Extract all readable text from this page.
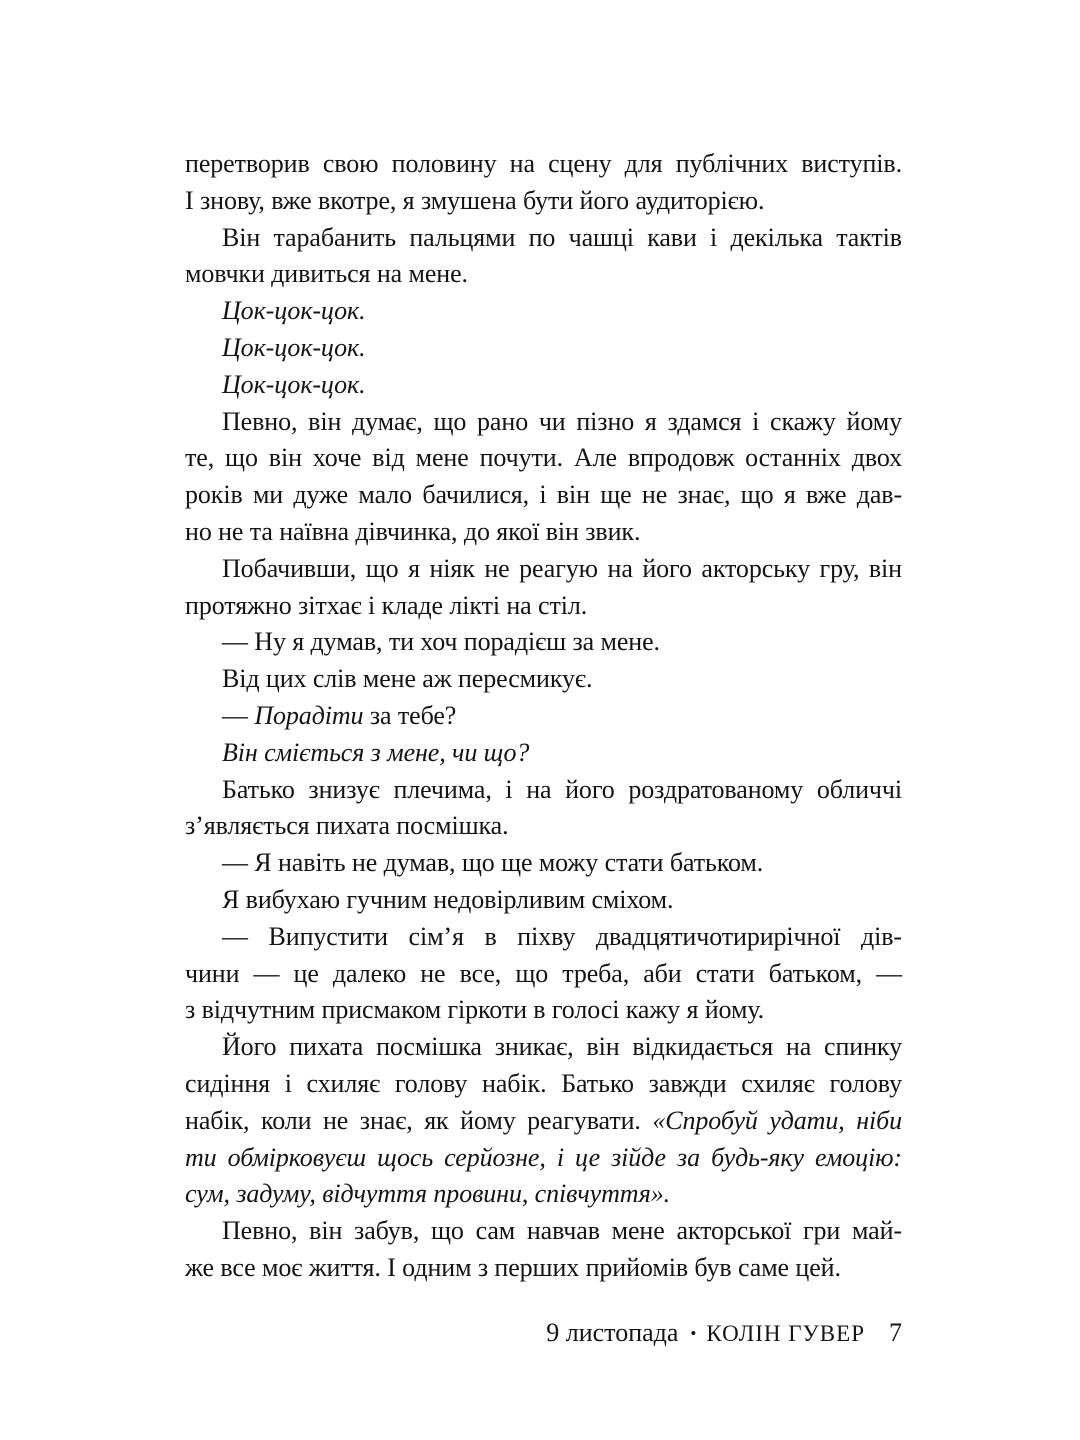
перетворив свою половину на сцену для публічних виступів.
І знову, вже вкотре, я змушена бути його аудиторією.
Він тарабанить пальцями по чашці кави і декілька тактів
мовчки дивиться на мене.
Цок-цок-цок.
Цок-цок-цок.
Цок-цок-цок.
Певно, він думає, що рано чи пізно я здамся і скажу йому
те, що він хоче від мене почути. Але впродовж останніх двох
років ми дуже мало бачилися, і він ще не знає, що я вже дав-
но не та наївна дівчинка, до якої він звик.
Побачивши, що я ніяк не реагую на його акторську гру, він
протяжно зітхає і кладе лікті на стіл.
— Ну я думав, ти хоч порадієш за мене.
Від цих слів мене аж пересмикує.
— Порадіти за тебе?
Він сміється з мене, чи що?
Батько знизує плечима, і на його роздратованому обличчі
з’являється пихата посмішка.
— Я навіть не думав, що ще можу стати батьком.
Я вибухаю гучним недовірливим сміхом.
— Випустити сім’я в піхву двадцятичотирирічної дів-
чини — це далеко не все, що треба, аби стати батьком, —
з відчутним присмаком гіркоти в голосі кажу я йому.
Його пихата посмішка зникає, він відкидається на спинку
сидіння і схиляє голову набік. Батько завжди схиляє голову
набік, коли не знає, як йому реагувати. «Спробуй удати, ніби
ти обмірковуєш щось серйозне, і це зійде за будь-яку емоцію:
сум, задуму, відчуття провини, співчуття».
Певно, він забув, що сам навчав мене акторської гри май-
же все моє життя. І одним з перших прийомів був саме цей.
9 листопада • КОЛІН ГУВЕР 7
